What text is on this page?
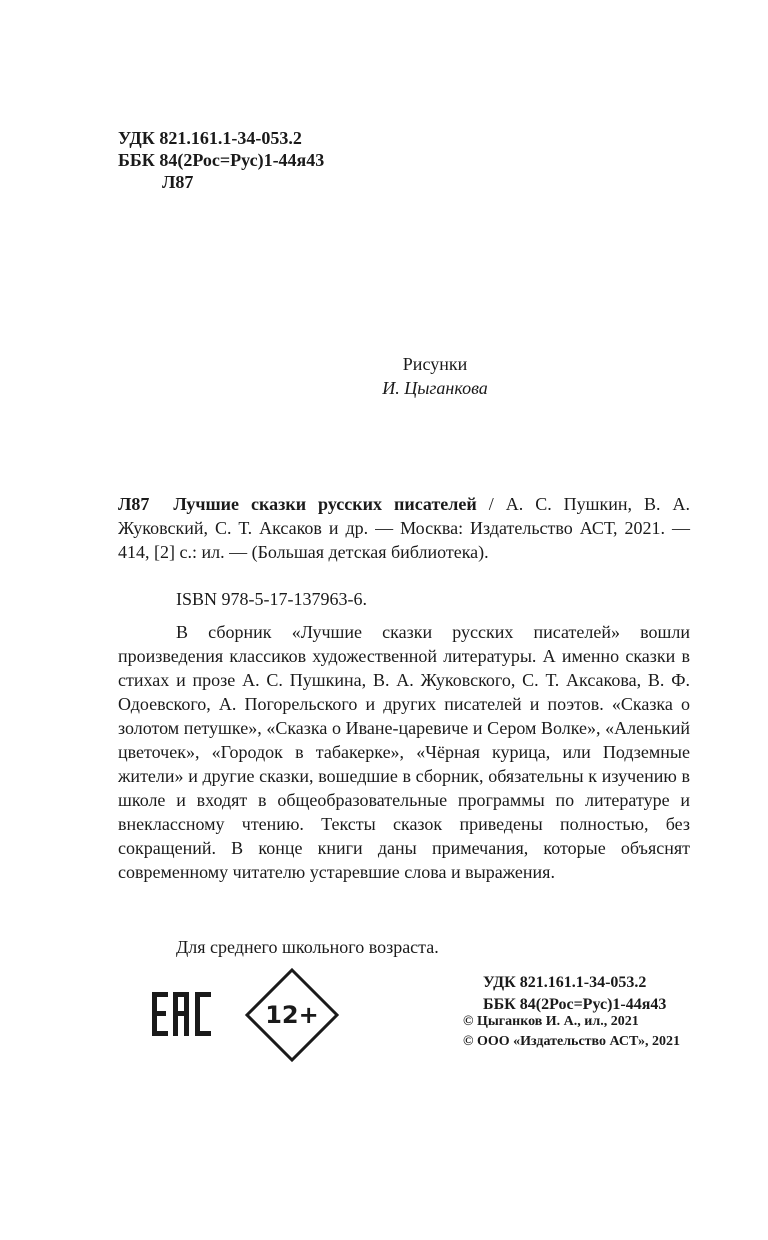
УДК 821.161.1-34-053.2
ББК 84(2Рос=Рус)1-44я43
Л87
Рисунки
И. Цыганкова
Л87 Лучшие сказки русских писателей / А. С. Пушкин, В. А. Жуковский, С. Т. Аксаков и др. — Москва: Издательство АСТ, 2021. — 414, [2] с.: ил. — (Большая детская библиотека).
ISBN 978-5-17-137963-6.
В сборник «Лучшие сказки русских писателей» вошли произведения классиков художественной литературы. А именно сказки в стихах и прозе А. С. Пушкина, В. А. Жуковского, С. Т. Аксакова, В. Ф. Одоевского, А. Погорельского и других писателей и поэтов. «Сказка о золотом петушке», «Сказка о Иване-царевиче и Сером Волке», «Аленький цветочек», «Городок в табакерке», «Чёрная курица, или Подземные жители» и другие сказки, вошедшие в сборник, обязательны к изучению в школе и входят в общеобразовательные программы по литературе и внеклассному чтению. Тексты сказок приведены полностью, без сокращений. В конце книги даны примечания, которые объяснят современному читателю устаревшие слова и выражения.
Для среднего школьного возраста.
УДК 821.161.1-34-053.2
ББК 84(2Рос=Рус)1-44я43
12+	© Цыганков И. А., ил., 2021
© ООО «Издательство АСТ», 2021
